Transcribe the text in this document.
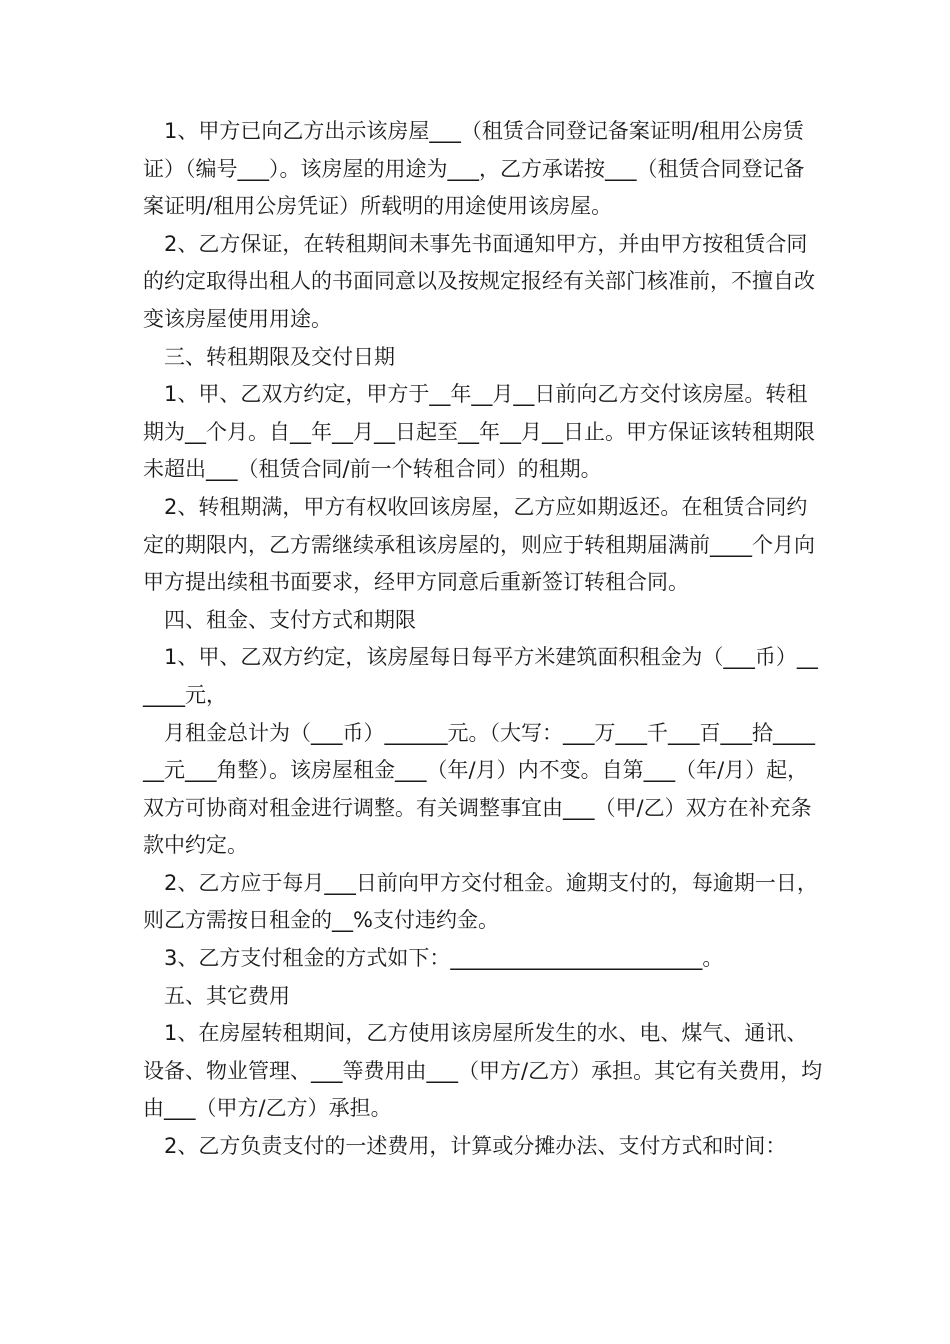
1、甲方已向乙方出示该房屋___（租赁合同登记备案证明/租用公房赁证）（编号___）。该房屋的用途为___，乙方承诺按___（租赁合同登记备案证明/租用公房凭证）所载明的用途使用该房屋。

2、乙方保证，在转租期间未事先书面通知甲方，并由甲方按租赁合同的约定取得出租人的书面同意以及按规定报经有关部门核准前，不擅自改变该房屋使用用途。

三、转租期限及交付日期

1、甲、乙双方约定，甲方于__年__月__日前向乙方交付该房屋。转租期为__个月。自__年__月__日起至__年__月__日止。甲方保证该转租期限未超出___（租赁合同/前一个转租合同）的租期。

2、转租期满，甲方有权收回该房屋，乙方应如期返还。在租赁合同约定的期限内，乙方需继续承租该房屋的，则应于转租期届满前____个月向甲方提出续租书面要求，经甲方同意后重新签订转租合同。

四、租金、支付方式和期限

1、甲、乙双方约定，该房屋每日每平方米建筑面积租金为（___币）______元，

月租金总计为（___币）______元。（大写：___万___千___百___拾______元___角整）。该房屋租金___（年/月）内不变。自第___（年/月）起，双方可协商对租金进行调整。有关调整事宜由___（甲/乙）双方在补充条款中约定。

2、乙方应于每月___日前向甲方交付租金。逾期支付的，每逾期一日，则乙方需按日租金的__%支付违约金。

3、乙方支付租金的方式如下：________________________。

五、其它费用

1、在房屋转租期间，乙方使用该房屋所发生的水、电、煤气、通讯、设备、物业管理、___等费用由___（甲方/乙方）承担。其它有关费用，均由___（甲方/乙方）承担。

2、乙方负责支付的一述费用，计算或分摊办法、支付方式和时间：
